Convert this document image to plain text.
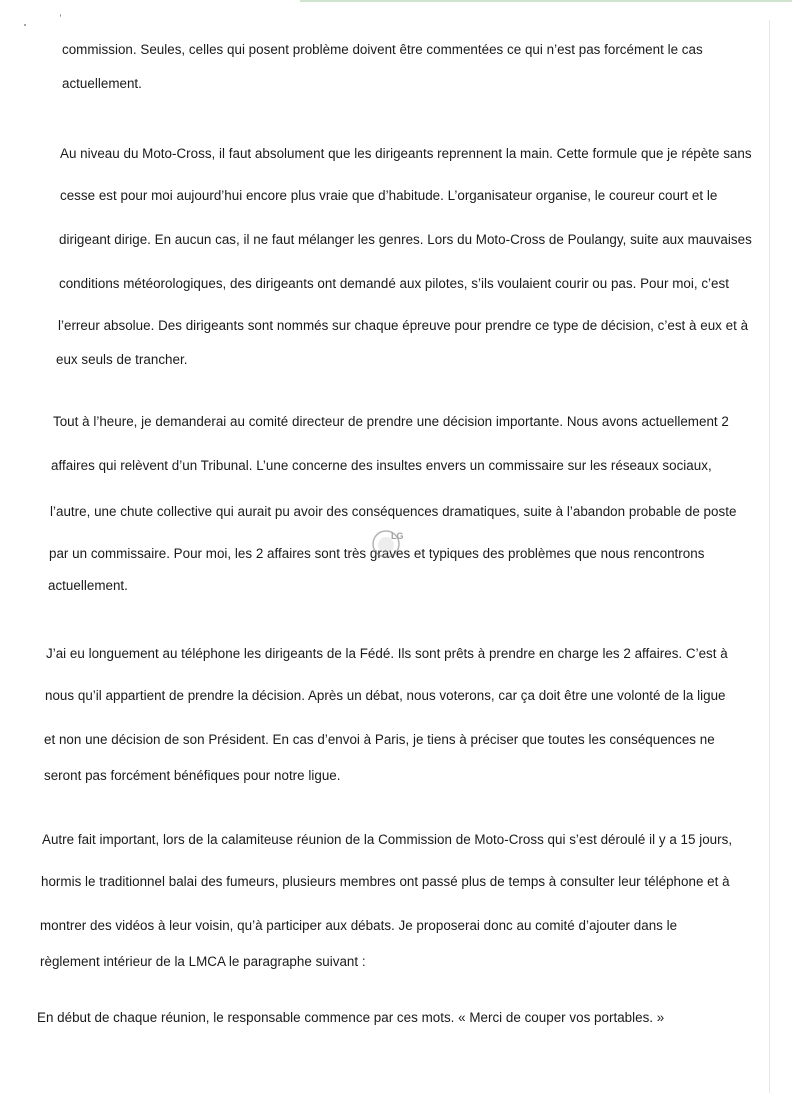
commission. Seules, celles qui posent problème doivent être commentées ce qui n’est pas forcément le cas
actuellement.
Au niveau du Moto-Cross, il faut absolument que les dirigeants reprennent la main. Cette formule que je répète sans
cesse est pour moi aujourd’hui encore plus vraie que d’habitude. L’organisateur organise, le coureur court et le
dirigeant dirige. En aucun cas, il ne faut mélanger les genres. Lors du Moto-Cross de Poulangy, suite aux mauvaises
conditions météorologiques, des dirigeants ont demandé aux pilotes, s’ils voulaient courir ou pas. Pour moi, c’est
l’erreur absolue. Des dirigeants sont nommés sur chaque épreuve pour prendre ce type de décision, c’est à eux et à
eux seuls de trancher.
Tout à l’heure, je demanderai au comité directeur de prendre une décision importante. Nous avons actuellement 2
affaires qui relèvent d’un Tribunal. L’une concerne des insultes envers un commissaire sur les réseaux sociaux,
l’autre, une chute collective qui aurait pu avoir des conséquences dramatiques, suite à l’abandon probable de poste
par un commissaire. Pour moi, les 2 affaires sont très graves et typiques des problèmes que nous rencontrons
actuellement.
J’ai eu longuement au téléphone les dirigeants de la Fédé. Ils sont prêts à prendre en charge les 2 affaires. C’est à
nous qu’il appartient de prendre la décision. Après un débat, nous voterons, car ça doit être une volonté de la ligue
et non une décision de son Président. En cas d’envoi à Paris, je tiens à préciser que toutes les conséquences ne
seront pas forcément bénéfiques pour notre ligue.
Autre fait important, lors de la calamiteuse réunion de la Commission de Moto-Cross qui s’est déroulé il y a 15 jours,
hormis le traditionnel balai des fumeurs, plusieurs membres ont passé plus de temps à consulter leur téléphone et à
montrer des vidéos à leur voisin, qu’à participer aux débats. Je proposerai donc au comité d’ajouter dans le
règlement intérieur de la LMCA le paragraphe suivant :
En début de chaque réunion, le responsable commence par ces mots. « Merci de couper vos portables. »
LG
